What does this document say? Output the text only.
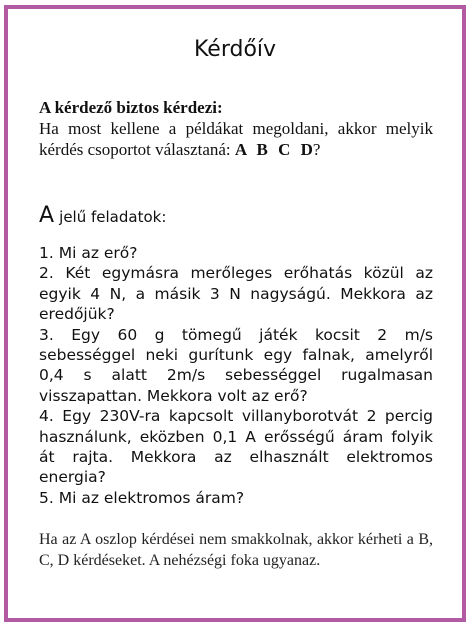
Kérdőív
A kérdező biztos kérdezi:
Ha most kellene a példákat megoldani, akkor melyik kérdés csoportot választaná: A B C D?
A jelű feladatok:

1. Mi az erő?

2. Két egymásra merőleges erőhatás közül az egyik 4 N, a másik 3 N nagyságú. Mekkora az eredőjük?

3. Egy 60 g tömegű játék kocsit 2 m/s sebességgel neki gurítunk egy falnak, amelyről 0,4 s alatt 2m/s sebességgel rugalmasan visszapattan. Mekkora volt az erő?

4. Egy 230V-ra kapcsolt villanyborotvát 2 percig használunk, eközben 0,1 A erősségű áram folyik át rajta. Mekkora az elhasznált elektromos energia?

5. Mi az elektromos áram?

Ha az A oszlop kérdései nem smakkolnak, akkor kérheti a B, C, D kérdéseket. A nehézségi foka ugyanaz.
